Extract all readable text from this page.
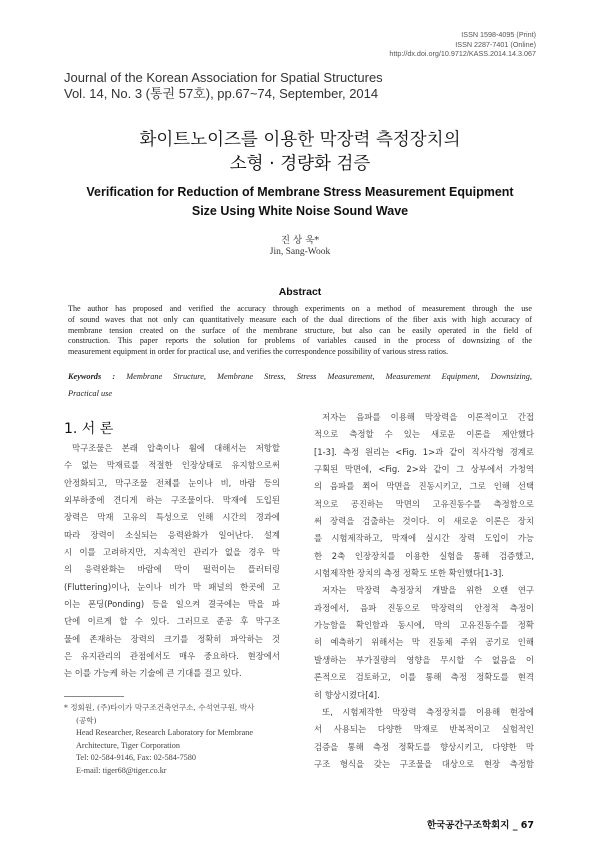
ISSN 1598-4095 (Print)
ISSN 2287-7401 (Online)
http://dx.doi.org/10.9712/KASS.2014.14.3.067
Journal of the Korean Association for Spatial Structures
Vol. 14, No. 3 (통권 57호), pp.67~74, September, 2014
화이트노이즈를 이용한 막장력 측정장치의
소형 · 경량화 검증
Verification for Reduction of Membrane Stress Measurement Equipment
Size Using White Noise Sound Wave
진 상 욱*
Jin, Sang-Wook
Abstract
The author has proposed and verified the accuracy through experiments on a method of measurement through the use
of sound waves that not only can quantitatively measure each of the dual directions of the fiber axis with high accuracy of
membrane tension created on the surface of the membrane structure, but also can be easily operated in the field of
construction. This paper reports the solution for problems of variables caused in the process of downsizing of the
measurement equipment in order for practical use, and verifies the correspondence possibility of various stress ratios.
Keywords : Membrane Structure, Membrane Stress, Stress Measurement, Measurement Equipment, Downsizing,
Practical use
1. 서 론
막구조물은 본래 압축이나 휨에 대해서는 저항할
수 없는 막재료를 적절한 인장상태로 유지함으로써
안정화되고, 막구조물 전체를 눈이나 비, 바람 등의
외부하중에 견디게 하는 구조물이다. 막재에 도입된
장력은 막재 고유의 특성으로 인해 시간의 경과에
따라 장력이 소실되는 응력완화가 일어난다. 설계
시 이를 고려하지만, 지속적인 관리가 없을 경우 막
의 응력완화는 바람에 막이 펄럭이는 플러터링
(Fluttering)이나, 눈이나 비가 막 패널의 한곳에 고
이는 폰딩(Ponding) 등을 일으켜 결국에는 막을 파
단에 이르게 할 수 있다. 그러므로 준공 후 막구조
물에 존재하는 장력의 크기를 정확히 파악하는 것
은 유지관리의 관점에서도 매우 중요하다. 현장에서
는 이를 가능케 하는 기술에 큰 기대를 걸고 있다.
* 정회원, (주)타이가 막구조건축연구소, 수석연구원, 박사
(공학)
Head Researcher, Research Laboratory for Membrane
Architecture, Tiger Corporation
Tel: 02-584-9146, Fax: 02-584-7580
E-mail: tiger68@tiger.co.kr
저자는 음파를 이용해 막장력을 이론적이고 간접
적으로 측정할 수 있는 새로운 이론을 제안했다
[1-3]. 측정 원리는 <Fig. 1>과 같이 직사각형 경계로
구획된 막면에, <Fig. 2>와 같이 그 상부에서 가청역
의 음파를 쬐어 막면을 진동시키고, 그로 인해 선택
적으로 공진하는 막면의 고유진동수를 측정함으로
써 장력을 검출하는 것이다. 이 새로운 이론은 장치
를 시험제작하고, 막재에 실시간 장력 도입이 가능
한 2축 인장장치를 이용한 실험을 통해 검증했고,
시험제작한 장치의 측정 정확도 또한 확인했다[1-3].
저자는 막장력 측정장치 개발을 위한 오랜 연구
과정에서, 음파 진동으로 막장력의 안정적 측정이
가능함을 확인함과 동시에, 막의 고유진동수를 정확
히 예측하기 위해서는 막 진동체 주위 공기로 인해
발생하는 부가질량의 영향을 무시할 수 없음을 이
론적으로 검토하고, 이를 통해 측정 정확도를 현격
히 향상시켰다[4].
또, 시험제작한 막장력 측정장치를 이용해 현장에
서 사용되는 다양한 막재로 반복적이고 실험적인
검증을 통해 측정 정확도를 향상시키고, 다양한 막
구조 형식을 갖는 구조물을 대상으로 현장 측정함
한국공간구조학회지 _ 67
